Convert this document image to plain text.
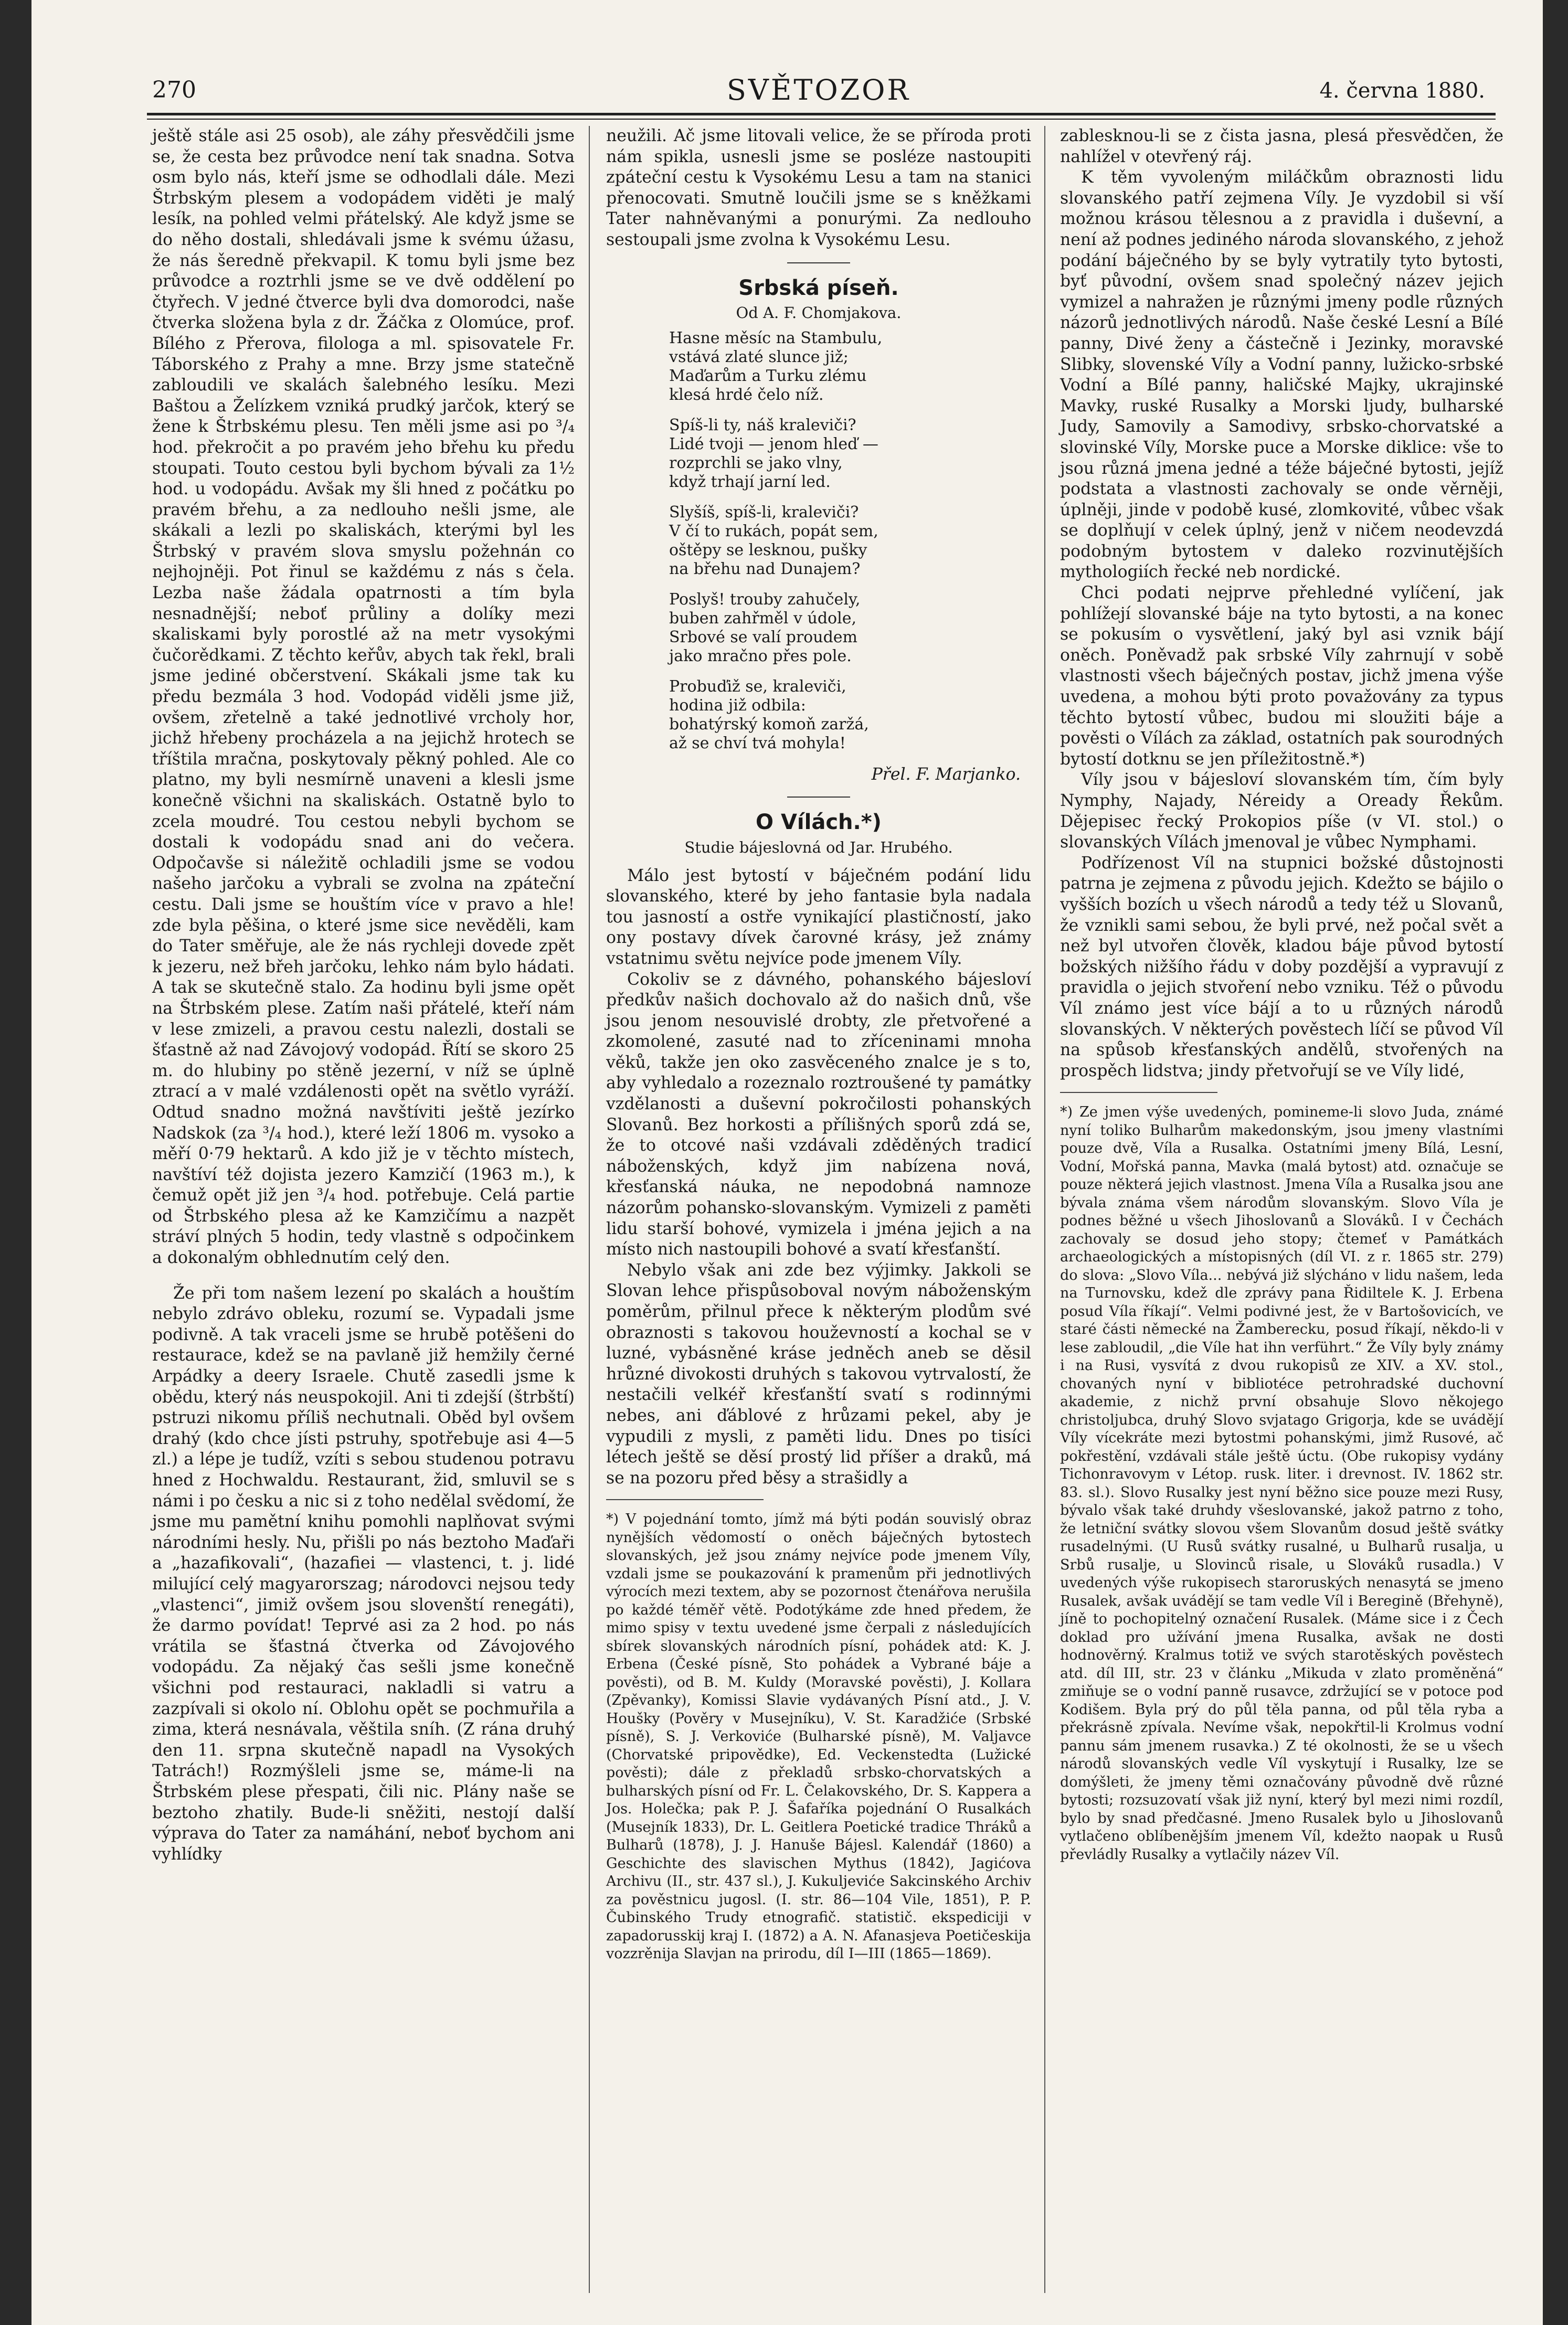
270	SVĚTOZOR	4. června 1880.

ještě stále asi 25 osob), ale záhy přesvědčili jsme se, že cesta bez průvodce není tak snadna. Sotva osm bylo nás, kteří jsme se odhodlali dále. Mezi Štrbským plesem a vodopádem viděti je malý lesík, na pohled velmi přátelský. Ale když jsme se do něho dostali, shledávali jsme k svému úžasu, že nás šeredně překvapil. K tomu byli jsme bez průvodce a roztrhli jsme se ve dvě oddělení po čtyřech. V jedné čtverce byli dva domorodci, naše čtverka složena byla z dr. Žáčka z Olomúce, prof. Bílého z Přerova, filologa a ml. spisovatele Fr. Táborského z Prahy a mne. Brzy jsme statečně zabloudili ve skalách šalebného lesíku. Mezi Baštou a Želízkem vzniká prudký jarčok, který se žene k Štrbskému plesu. Ten měli jsme asi po ³/₄ hod. překročit a po pravém jeho břehu ku předu stoupati. Touto cestou byli bychom bývali za 1½ hod. u vodopádu. Avšak my šli hned z počátku po pravém břehu, a za nedlouho nešli jsme, ale skákali a lezli po skaliskách, kterými byl les Štrbský v pravém slova smyslu požehnán co nejhojněji. Pot řinul se každému z nás s čela. Lezba naše žádala opatrnosti a tím byla nesnadnější; neboť průliny a dolíky mezi skaliskami byly porostlé až na metr vysokými čučorědkami. Z těchto keřův, abych tak řekl, brali jsme jediné občerstvení. Skákali jsme tak ku předu bezmála 3 hod. Vodopád viděli jsme již, ovšem, zřetelně a také jednotlivé vrcholy hor, jichž hřebeny procházela a na jejichž hrotech se tříštila mračna, poskytovaly pěkný pohled. Ale co platno, my byli nesmírně unaveni a klesli jsme konečně všichni na skaliskách. Ostatně bylo to zcela moudré. Tou cestou nebyli bychom se dostali k vodopádu snad ani do večera. Odpočavše si náležitě ochladili jsme se vodou našeho jarčoku a vybrali se zvolna na zpáteční cestu. Dali jsme se houštím více v pravo a hle! zde byla pěšina, o které jsme sice nevěděli, kam do Tater směřuje, ale že nás rychleji dovede zpět k jezeru, než břeh jarčoku, lehko nám bylo hádati. A tak se skutečně stalo. Za hodinu byli jsme opět na Štrbském plese. Zatím naši přátelé, kteří nám v lese zmizeli, a pravou cestu nalezli, dostali se šťastně až nad Závojový vodopád. Řítí se skoro 25 m. do hlubiny po stěně jezerní, v níž se úplně ztrací a v malé vzdálenosti opět na světlo vyráží. Odtud snadno možná navštíviti ještě jezírko Nadskok (za ³/₄ hod.), které leží 1806 m. vysoko a měří 0·79 hektarů. A kdo již je v těchto místech, navštíví též dojista jezero Kamzičí (1963 m.), k čemuž opět již jen ³/₄ hod. potřebuje. Celá partie od Štrbského plesa až ke Kamzičímu a nazpět stráví plných 5 hodin, tedy vlastně s odpočinkem a dokonalým obhlednutím celý den.

Že při tom našem lezení po skalách a houštím nebylo zdrávo obleku, rozumí se. Vypadali jsme podivně. A tak vraceli jsme se hrubě potěšeni do restaurace, kdež se na pavlaně již hemžily černé Arpádky a deery Israele. Chutě zasedli jsme k obědu, který nás neuspokojil. Ani ti zdejší (štrbští) pstruzi nikomu příliš nechutnali. Oběd byl ovšem drahý (kdo chce jísti pstruhy, spotřebuje asi 4—5 zl.) a lépe je tudíž, vzíti s sebou studenou potravu hned z Hochwaldu. Restaurant, žid, smluvil se s námi i po česku a nic si z toho nedělal svědomí, že jsme mu pamětní knihu pomohli naplňovat svými národními hesly. Nu, přišli po nás beztoho Maďaři a „hazafikovali“, (hazafiei — vlastenci, t. j. lidé milující celý magyarorszag; národovci nejsou tedy „vlastenci“, jimiž ovšem jsou slovenští renegáti), že darmo povídat! Teprvé asi za 2 hod. po nás vrátila se šťastná čtverka od Závojového vodopádu. Za nějaký čas sešli jsme konečně všichni pod restauraci, nakladli si vatru a zazpívali si okolo ní. Oblohu opět se pochmuřila a zima, která nesnávala, věštila sníh. (Z rána druhý den 11. srpna skutečně napadl na Vysokých Tatrách!) Rozmýšleli jsme se, máme-li na Štrbském plese přespati, čili nic. Plány naše se beztoho zhatily. Bude-li sněžiti, nestojí další výprava do Tater za namáhání, neboť bychom ani vyhlídky

neužili. Ač jsme litovali velice, že se příroda proti nám spikla, usnesli jsme se posléze nastoupiti zpáteční cestu k Vysokému Lesu a tam na stanici přenocovati. Smutně loučili jsme se s kněžkami Tater nahněvanými a ponurými. Za nedlouho sestoupali jsme zvolna k Vysokému Lesu.

Srbská píseň.
Od A. F. Chomjakova.
Hasne měsíc na Stambulu,
vstává zlaté slunce již;
Maďarům a Turku zlému
klesá hrdé čelo níž.
Spíš-li ty, náš kraleviči?
Lidé tvoji — jenom hleď —
rozprchli se jako vlny,
když trhají jarní led.
Slyšíš, spíš-li, kraleviči?
V čí to rukách, popát sem,
oštěpy se lesknou, pušky
na břehu nad Dunajem?
Poslyš! trouby zahučely,
buben zahřměl v údole,
Srbové se valí proudem
jako mračno přes pole.
Probuďiž se, kraleviči,
hodina již odbila:
bohatýrský komoň zaržá,
až se chví tvá mohyla!
Přel. F. Marjanko.
O Vílách.*)
Studie bájeslovná od Jar. Hrubého.

Málo jest bytostí v báječném podání lidu slovanského, které by jeho fantasie byla nadala tou jasností a ostře vynikající plastičností, jako ony postavy dívek čarovné krásy, jež známy vstatnimu světu nejvíce pode jmenem Víly.

Cokoliv se z dávného, pohanského bájesloví předkův našich dochovalo až do našich dnů, vše jsou jenom nesouvislé drobty, zle přetvořené a zkomolené, zasuté nad to zříceninami mnoha věků, takže jen oko zasvěceného znalce je s to, aby vyhledalo a rozeznalo roztroušené ty památky vzdělanosti a duševní pokročilosti pohanských Slovanů. Bez horkosti a přílišných sporů zdá se, že to otcové naši vzdávali zděděných tradicí náboženských, když jim nabízena nová, křesťanská náuka, ne nepodobná namnoze názorům pohansko-slovanským. Vymizeli z paměti lidu starší bohové, vymizela i jména jejich a na místo nich nastoupili bohové a svatí křesťanští.

Nebylo však ani zde bez výjimky. Jakkoli se Slovan lehce přispůsoboval novým náboženským poměrům, přilnul přece k některým plodům své obraznosti s takovou houževností a kochal se v luzné, vybásněné kráse jedněch aneb se děsil hrůzné divokosti druhých s takovou vytrvalostí, že nestačili velkéř křesťanští svatí s rodinnými nebes, ani ďáblové z hrůzami pekel, aby je vypudili z mysli, z paměti lidu. Dnes po tisíci létech ještě se děsí prostý lid příšer a draků, má se na pozoru před běsy a strašidly a

*) V pojednání tomto, jímž má býti podán souvislý obraz nynějších vědomostí o oněch báječných bytostech slovanských, jež jsou známy nejvíce pode jmenem Víly, vzdali jsme se poukazování k pramenům při jednotlivých výrocích mezi textem, aby se pozornost čtenářova nerušila po každé téměř větě. Podotýkáme zde hned předem, že mimo spisy v textu uvedené jsme čerpali z následujících sbírek slovanských národních písní, pohádek atd: K. J. Erbena (České písně, Sto pohádek a Vybrané báje a pověsti), od B. M. Kuldy (Moravské pověsti), J. Kollara (Zpěvanky), Komissi Slavie vydávaných Písní atd., J. V. Houšky (Pověry v Musejníku), V. St. Karadžiće (Srbské písně), S. J. Verkoviće (Bulharské písně), M. Valjavce (Chorvatské pripovědke), Ed. Veckenstedta (Lužické pověsti); dále z překladů srbsko-chorvatských a bulharských písní od Fr. L. Čelakovského, Dr. S. Kappera a Jos. Holečka; pak P. J. Šafaříka pojednání O Rusalkách (Musejník 1833), Dr. L. Geitlera Poetické tradice Thráků a Bulharů (1878), J. J. Hanuše Bájesl. Kalendář (1860) a Geschichte des slavischen Mythus (1842), Jagićova Archivu (II., str. 437 sl.), J. Kukuljeviće Sakcinského Archiv za pověstnicu jugosl. (I. str. 86—104 Vile, 1851), P. P. Čubinského Trudy etnografič. statistič. ekspediciji v zapadorusskij kraj I. (1872) a A. N. Afanasjeva Poetičeskija vozzrěnija Slavjan na prirodu, díl I—III (1865—1869).

zablesknou-li se z čista jasna, plesá přesvědčen, že nahlížel v otevřený ráj.

K těm vyvoleným miláčkům obraznosti lidu slovanského patří zejmena Víly. Je vyzdobil si vší možnou krásou tělesnou a z pravidla i duševní, a není až podnes jediného národa slovanského, z jehož podání báječného by se byly vytratily tyto bytosti, byť původní, ovšem snad společný název jejich vymizel a nahražen je různými jmeny podle různých názorů jednotlivých národů. Naše české Lesní a Bílé panny, Divé ženy a částečně i Jezinky, moravské Slibky, slovenské Víly a Vodní panny, lužicko-srbské Vodní a Bílé panny, haličské Majky, ukrajinské Mavky, ruské Rusalky a Morski ljudy, bulharské Judy, Samovily a Samodivy, srbsko-chorvatské a slovinské Víly, Morske puce a Morske diklice: vše to jsou různá jmena jedné a téže báječné bytosti, jejíž podstata a vlastnosti zachovaly se onde věrněji, úplněji, jinde v podobě kusé, zlomkovité, vůbec však se doplňují v celek úplný, jenž v ničem neodevzdá podobným bytostem v daleko rozvinutějších mythologiích řecké neb nordické.

Chci podati nejprve přehledné vylíčení, jak pohlížejí slovanské báje na tyto bytosti, a na konec se pokusím o vysvětlení, jaký byl asi vznik bájí oněch. Poněvadž pak srbské Víly zahrnují v sobě vlastnosti všech báječných postav, jichž jmena výše uvedena, a mohou býti proto považovány za typus těchto bytostí vůbec, budou mi sloužiti báje a pověsti o Vílách za základ, ostatních pak sourodných bytostí dotknu se jen příležitostně.*)

Víly jsou v bájesloví slovanském tím, čím byly Nymphy, Najady, Néreidy a Oready Řekům. Dějepisec řecký Prokopios píše (v VI. stol.) o slovanských Vílách jmenoval je vůbec Nymphami.

Podřízenost Víl na stupnici božské důstojnosti patrna je zejmena z původu jejich. Kdežto se bájilo o vyšších bozích u všech národů a tedy též u Slovanů, že vznikli sami sebou, že byli prvé, než počal svět a než byl utvořen člověk, kladou báje původ bytostí božských nižšího řádu v doby pozdější a vypravují z pravidla o jejich stvoření nebo vzniku. Též o původu Víl známo jest více bájí a to u různých národů slovanských. V některých pověstech líčí se původ Víl na spůsob křesťanských andělů, stvořených na prospěch lidstva; jindy přetvořují se ve Víly lidé,

*) Ze jmen výše uvedených, pomineme-li slovo Juda, známé nyní toliko Bulharům makedonským, jsou jmeny vlastními pouze dvě, Víla a Rusalka. Ostatními jmeny Bílá, Lesní, Vodní, Mořská panna, Mavka (malá bytost) atd. označuje se pouze některá jejich vlastnost. Jmena Víla a Rusalka jsou ane bývala známa všem národům slovanským. Slovo Víla je podnes běžné u všech Jihoslovanů a Slováků. I v Čechách zachovaly se dosud jeho stopy; čtemeť v Památkách archaeologických a místopisných (díl VI. z r. 1865 str. 279) do slova: „Slovo Víla... nebývá již slýcháno v lidu našem, leda na Turnovsku, kdež dle zprávy pana Řidiltele K. J. Erbena posud Víla říkají“. Velmi podivné jest, že v Bartošovicích, ve staré části německé na Žamberecku, posud říkají, někdo-li v lese zabloudil, „die Víle hat ihn verführt.“ Že Víly byly známy i na Rusi, vysvítá z dvou rukopisů ze XIV. a XV. stol., chovaných nyní v bibliotéce petrohradské duchovní akademie, z nichž první obsahuje Slovo někojego christoljubca, druhý Slovo svjatago Grigorja, kde se uvádějí Víly vícekráte mezi bytostmi pohanskými, jimž Rusové, ač pokřestění, vzdávali stále ještě úctu. (Obe rukopisy vydány Tichonravovym v Létop. rusk. liter. i drevnost. IV. 1862 str. 83. sl.). Slovo Rusalky jest nyní běžno sice pouze mezi Rusy, bývalo však také druhdy všeslovanské, jakož patrno z toho, že letniční svátky slovou všem Slovanům dosud ještě svátky rusadelnými. (U Rusů svátky rusalné, u Bulharů rusalja, u Srbů rusalje, u Slovinců risale, u Slováků rusadla.) V uvedených výše rukopisech staroruských nenasytá se jmeno Rusalek, avšak uvádějí se tam vedle Víl i Beregině (Břehyně), jíně to pochopitelný označení Rusalek. (Máme sice i z Čech doklad pro užívání jmena Rusalka, avšak ne dosti hodnověrný. Kralmus totiž ve svých starotěských pověstech atd. díl III, str. 23 v článku „Mikuda v zlato proměněná“ zmiňuje se o vodní panně rusavce, zdržující se v potoce pod Kodišem. Byla prý do půl těla panna, od půl těla ryba a překrásně zpívala. Nevíme však, nepokřtil-li Krolmus vodní pannu sám jmenem rusavka.) Z té okolnosti, že se u všech národů slovanských vedle Víl vyskytují i Rusalky, lze se domýšleti, že jmeny těmi označovány původně dvě různé bytosti; rozsuzovatí však již nyní, který byl mezi nimi rozdíl, bylo by snad předčasné. Jmeno Rusalek bylo u Jihoslovanů vytlačeno oblíbenějším jmenem Víl, kdežto naopak u Rusů převládly Rusalky a vytlačily název Víl.
